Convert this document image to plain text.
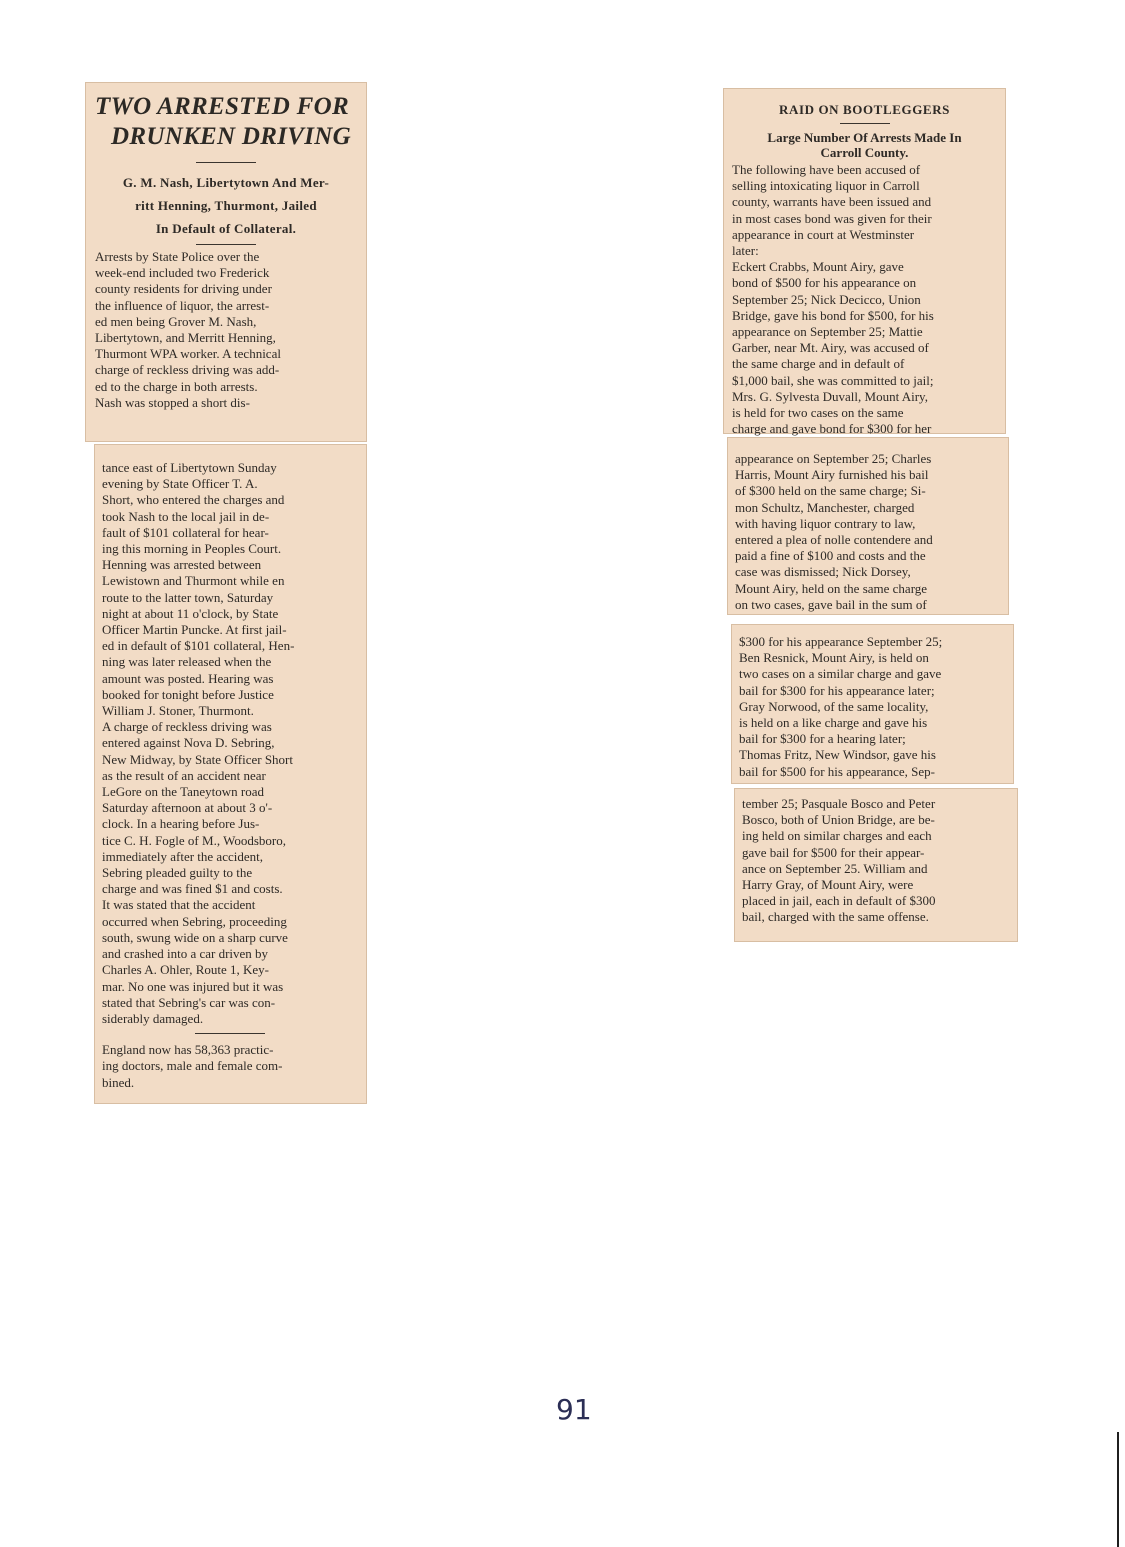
TWO ARRESTED FOR
DRUNKEN DRIVING
G. M. Nash, Libertytown And Mer-
ritt Henning, Thurmont, Jailed
In Default of Collateral.

Arrests by State Police over the
week-end included two Frederick
county residents for driving under
the influence of liquor, the arrest-
ed men being Grover M. Nash,
Libertytown, and Merritt Henning,
Thurmont WPA worker. A technical
charge of reckless driving was add-
ed to the charge in both arrests.
Nash was stopped a short dis-

tance east of Libertytown Sunday
evening by State Officer T. A.
Short, who entered the charges and
took Nash to the local jail in de-
fault of $101 collateral for hear-
ing this morning in Peoples Court.
Henning was arrested between
Lewistown and Thurmont while en
route to the latter town, Saturday
night at about 11 o'clock, by State
Officer Martin Puncke. At first jail-
ed in default of $101 collateral, Hen-
ning was later released when the
amount was posted. Hearing was
booked for tonight before Justice
William J. Stoner, Thurmont.
A charge of reckless driving was
entered against Nova D. Sebring,
New Midway, by State Officer Short
as the result of an accident near
LeGore on the Taneytown road
Saturday afternoon at about 3 o'-
clock. In a hearing before Jus-
tice C. H. Fogle of M., Woodsboro,
immediately after the accident,
Sebring pleaded guilty to the
charge and was fined $1 and costs.
It was stated that the accident
occurred when Sebring, proceeding
south, swung wide on a sharp curve
and crashed into a car driven by
Charles A. Ohler, Route 1, Key-
mar. No one was injured but it was
stated that Sebring's car was con-
siderably damaged.

England now has 58,363 practic-
ing doctors, male and female com-
bined.

RAID ON BOOTLEGGERS

Large Number Of Arrests Made In
Carroll County.

The following have been accused of
selling intoxicating liquor in Carroll
county, warrants have been issued and
in most cases bond was given for their
appearance in court at Westminster
later:
Eckert Crabbs, Mount Airy, gave
bond of $500 for his appearance on
September 25; Nick Decicco, Union
Bridge, gave his bond for $500, for his
appearance on September 25; Mattie
Garber, near Mt. Airy, was accused of
the same charge and in default of
$1,000 bail, she was committed to jail;
Mrs. G. Sylvesta Duvall, Mount Airy,
is held for two cases on the same
charge and gave bond for $300 for her

appearance on September 25; Charles
Harris, Mount Airy furnished his bail
of $300 held on the same charge; Si-
mon Schultz, Manchester, charged
with having liquor contrary to law,
entered a plea of nolle contendere and
paid a fine of $100 and costs and the
case was dismissed; Nick Dorsey,
Mount Airy, held on the same charge
on two cases, gave bail in the sum of

$300 for his appearance September 25;
Ben Resnick, Mount Airy, is held on
two cases on a similar charge and gave
bail for $300 for his appearance later;
Gray Norwood, of the same locality,
is held on a like charge and gave his
bail for $300 for a hearing later;
Thomas Fritz, New Windsor, gave his
bail for $500 for his appearance, Sep-

tember 25; Pasquale Bosco and Peter
Bosco, both of Union Bridge, are be-
ing held on similar charges and each
gave bail for $500 for their appear-
ance on September 25. William and
Harry Gray, of Mount Airy, were
placed in jail, each in default of $300
bail, charged with the same offense.

91
